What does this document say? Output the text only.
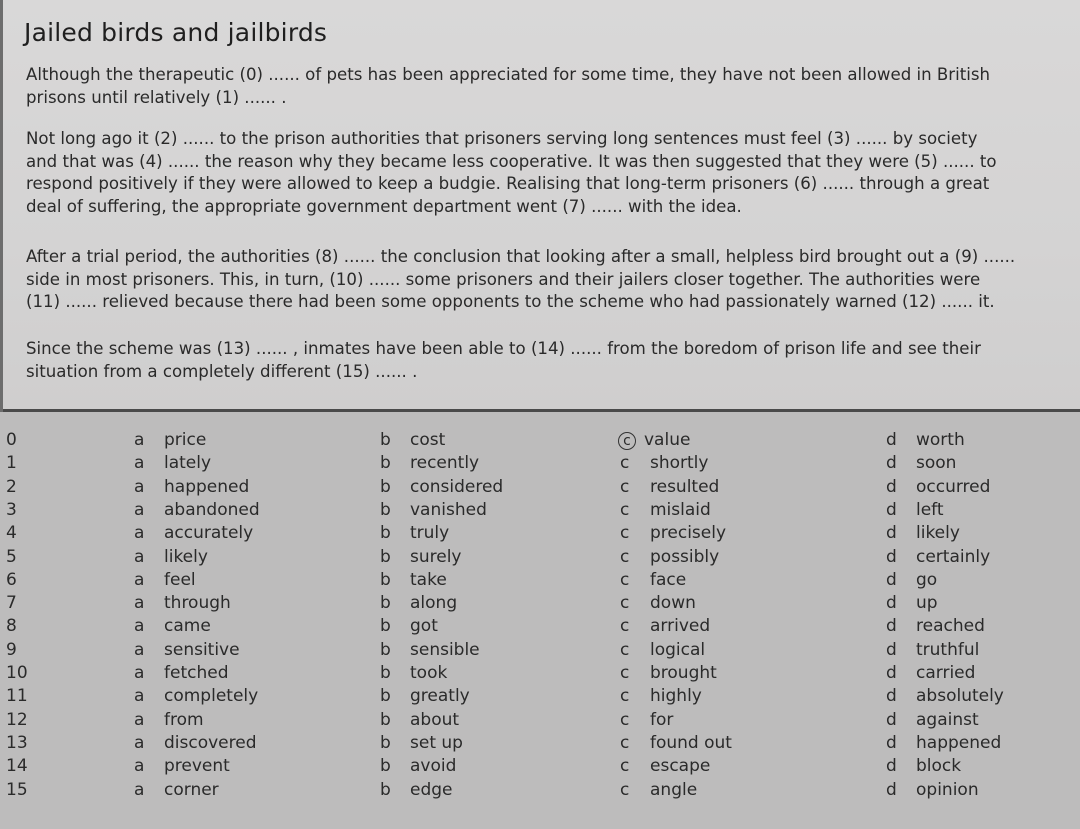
Jailed birds and jailbirds
Although the therapeutic (0) ...... of pets has been appreciated for some time, they have not been allowed in British
prisons until relatively (1) ...... .
Not long ago it (2) ...... to the prison authorities that prisoners serving long sentences must feel (3) ...... by society
and that was (4) ...... the reason why they became less cooperative. It was then suggested that they were (5) ...... to
respond positively if they were allowed to keep a budgie. Realising that long-term prisoners (6) ...... through a great
deal of suffering, the appropriate government department went (7) ...... with the idea.
After a trial period, the authorities (8) ...... the conclusion that looking after a small, helpless bird brought out a (9) ......
side in most prisoners. This, in turn, (10) ...... some prisoners and their jailers closer together. The authorities were
(11) ...... relieved because there had been some opponents to the scheme who had passionately warned (12) ...... it.
Since the scheme was (13) ...... , inmates have been able to (14) ...... from the boredom of prison life and see their
situation from a completely different (15) ...... .
0	a price	b cost	c value	d worth
1	a lately	b recently	c shortly	d soon
2	a happened	b considered	c resulted	d occurred
3	a abandoned	b vanished	c mislaid	d left
4	a accurately	b truly	c precisely	d likely
5	a likely	b surely	c possibly	d certainly
6	a feel	b take	c face	d go
7	a through	b along	c down	d up
8	a came	b got	c arrived	d reached
9	a sensitive	b sensible	c logical	d truthful
10	a fetched	b took	c brought	d carried
11	a completely	b greatly	c highly	d absolutely
12	a from	b about	c for	d against
13	a discovered	b set up	c found out	d happened
14	a prevent	b avoid	c escape	d block
15	a corner	b edge	c angle	d opinion
